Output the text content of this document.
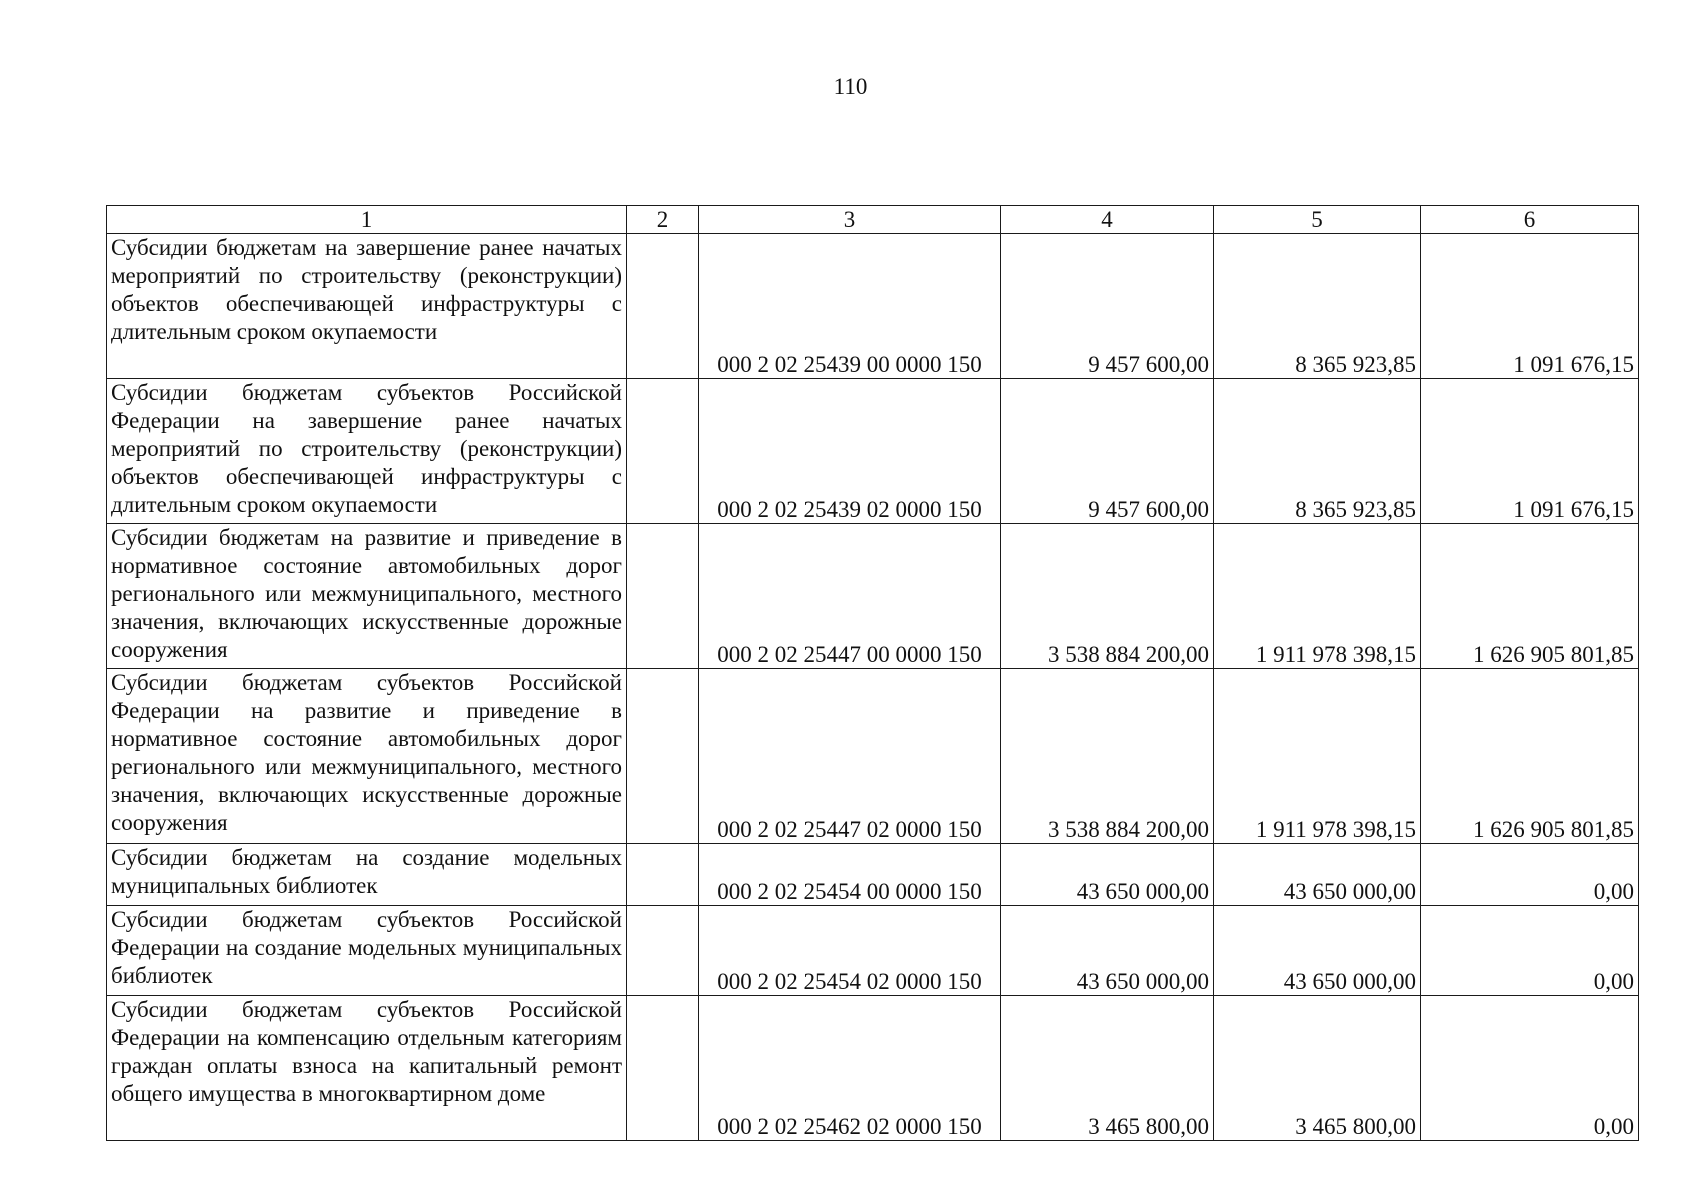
110
1	2	3	4	5	6
Субсидии бюджетам на завершение ранее начатых мероприятий по строительству (реконструкции) объектов обеспечивающей инфраструктуры с длительным сроком окупаемости		000 2 02 25439 00 0000 150	9 457 600,00	8 365 923,85	1 091 676,15
Субсидии бюджетам субъектов Российской Федерации на завершение ранее начатых мероприятий по строительству (реконструкции) объектов обеспечивающей инфраструктуры с длительным сроком окупаемости		000 2 02 25439 02 0000 150	9 457 600,00	8 365 923,85	1 091 676,15
Субсидии бюджетам на развитие и приведение в нормативное состояние автомобильных дорог регионального или межмуниципального, местного значения, включающих искусственные дорожные сооружения		000 2 02 25447 00 0000 150	3 538 884 200,00	1 911 978 398,15	1 626 905 801,85
Субсидии бюджетам субъектов Российской Федерации на развитие и приведение в нормативное состояние автомобильных дорог регионального или межмуниципального, местного значения, включающих искусственные дорожные сооружения		000 2 02 25447 02 0000 150	3 538 884 200,00	1 911 978 398,15	1 626 905 801,85
Субсидии бюджетам на создание модельных муниципальных библиотек		000 2 02 25454 00 0000 150	43 650 000,00	43 650 000,00	0,00
Субсидии бюджетам субъектов Российской Федерации на создание модельных муниципальных библиотек		000 2 02 25454 02 0000 150	43 650 000,00	43 650 000,00	0,00
Субсидии бюджетам субъектов Российской Федерации на компенсацию отдельным категориям граждан оплаты взноса на капитальный ремонт общего имущества в многоквартирном доме		000 2 02 25462 02 0000 150	3 465 800,00	3 465 800,00	0,00
